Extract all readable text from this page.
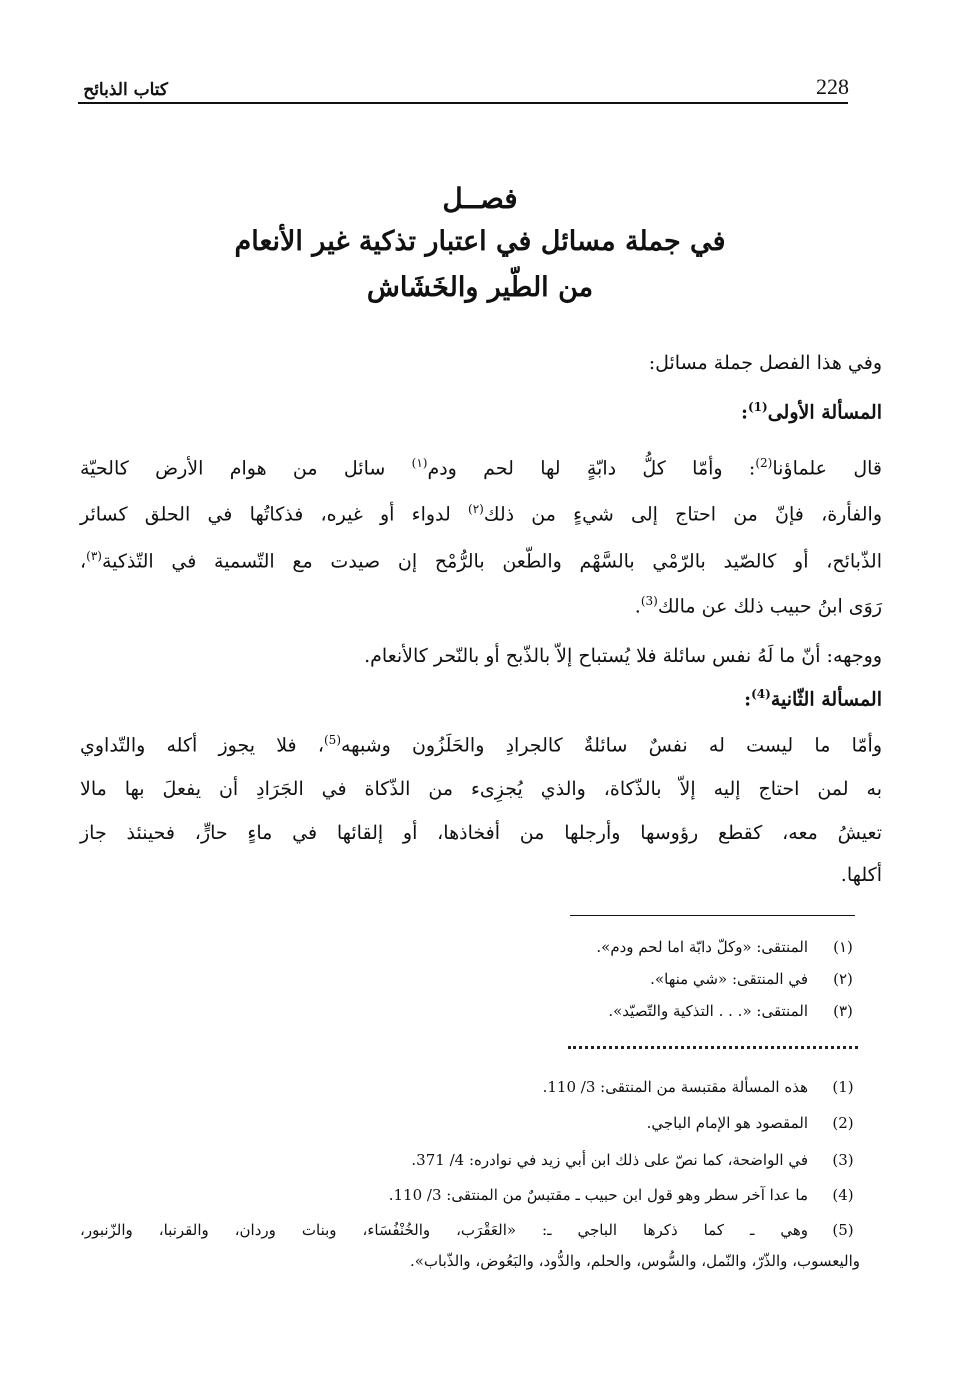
كتاب الذبائح	228
فصــل
في جملة مسائل في اعتبار تذكية غير الأنعام
من الطّير والخَشَاش
وفي هذا الفصل جملة مسائل:
المسألة الأولى$^{(1)}$:
قال علماؤنا$^{(2)}$: وأمّا كلُّ دابّةٍ لها لحم ودم$^{(١)}$ سائل من هوام الأرض كالحيّة
والفأرة، فإنّ من احتاج إلى شيءٍ من ذلك$^{(٢)}$ لدواء أو غيره، فذكاتُها في الحلق كسائر
الذّبائح، أو كالصّيد بالرّمْي بالسَّهْم والطّعن بالرُّمْح إن صيدت مع التّسمية في التّذكية$^{(٣)}$،
رَوَى ابنُ حبيب ذلك عن مالك$^{(3)}$.
ووجهه: أنّ ما لَهُ نفس سائلة فلا يُستباح إلاّ بالذّبح أو بالنّحر كالأنعام.
المسألة الثّانية$^{(4)}$:
وأمّا ما ليست له نفسٌ سائلةٌ كالجرادِ والحَلَزُون وشبهه$^{(5)}$، فلا يجوز أكله والتّداوي
به لمن احتاج إليه إلاّ بالذّكاة، والذي يُجزِىء من الذّكاة في الجَرَادِ أن يفعلَ بها مالا
تعيشُ معه، كقطع رؤوسها وأرجلها من أفخاذها، أو إلقائها في ماءٍ حارٍّ، فحينئذ جاز
أكلها.
(١)
المنتقى: «وكلّ دابّة اما لحم ودم».
(٢)
في المنتقى: «شي منها».
(٣)
المنتقى: «. . . التذكية والتّصيّد».
(1)
هذه المسألة مقتبسة من المنتقى: 3/ 110.
(2)
المقصود هو الإمام الباجي.
(3)
في الواضحة، كما نصّ على ذلك ابن أبي زيد في نوادره: 4/ 371.
(4)
ما عدا آخر سطر وهو قول ابن حبيب ـ مقتبسٌ من المنتقى: 3/ 110.
(5)
وهي ـ كما ذكرها الباجي ـ: «العَقْرَب، والخُنْفُسَاء، وبنات وردان، والقرنبا، والزّنبور،
واليعسوب، والذّرّ، والنّمل، والسُّوس، والحلم، والدُّود، والبَعُوض، والذّباب».
